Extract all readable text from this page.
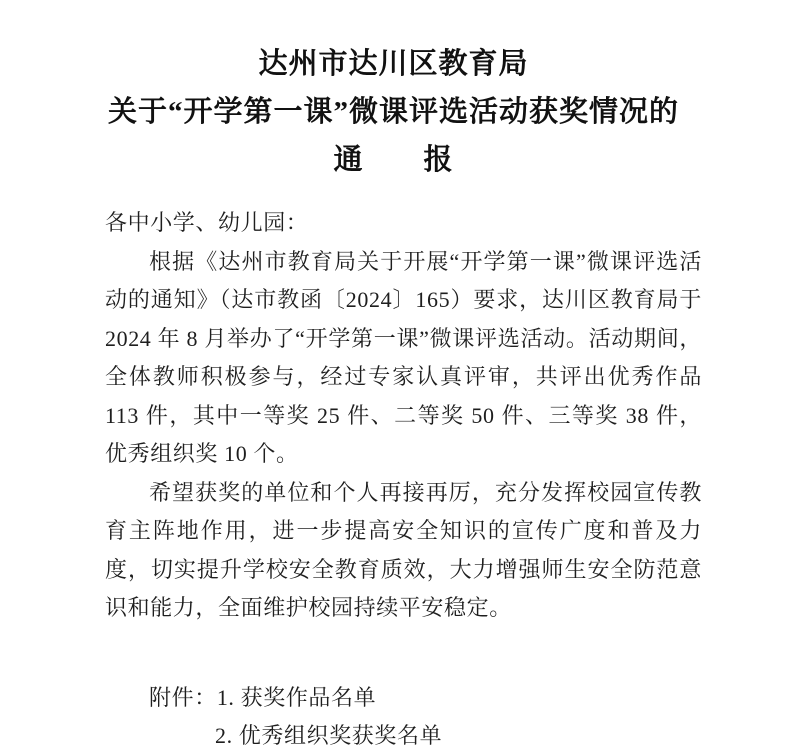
达州市达川区教育局
关于“开学第一课”微课评选活动获奖情况的
通　　报
各中小学、幼儿园：

根据《达州市教育局关于开展“开学第一课”微课评选活动的通知》（达市教函〔2024〕165）要求，达川区教育局于 2024 年 8 月举办了“开学第一课”微课评选活动。活动期间，全体教师积极参与，经过专家认真评审，共评出优秀作品 113 件，其中一等奖 25 件、二等奖 50 件、三等奖 38 件，优秀组织奖 10 个。

希望获奖的单位和个人再接再厉，充分发挥校园宣传教育主阵地作用，进一步提高安全知识的宣传广度和普及力度，切实提升学校安全教育质效，大力增强师生安全防范意识和能力，全面维护校园持续平安稳定。

附件：1. 获奖作品名单
2. 优秀组织奖获奖名单
